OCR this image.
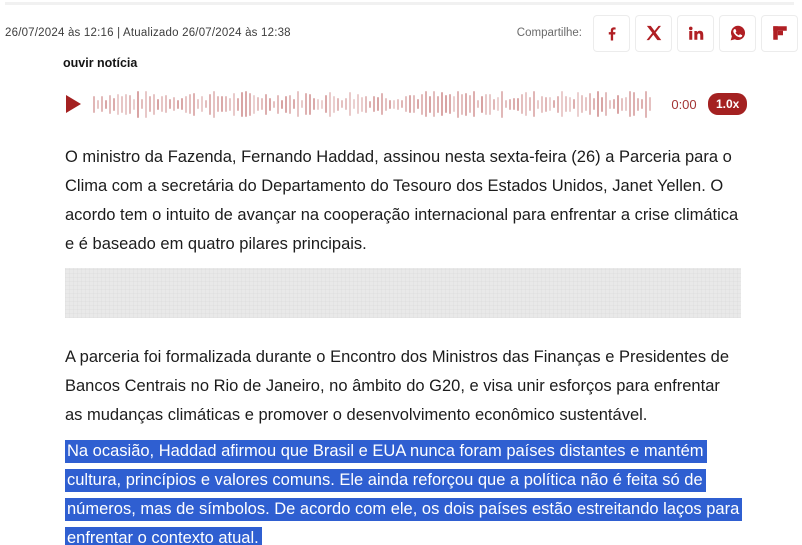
26/07/2024 às 12:16 | Atualizado 26/07/2024 às 12:38	Compartilhe:
ouvir notícia
0:00	1.0x

O ministro da Fazenda, Fernando Haddad, assinou nesta sexta-feira (26) a Parceria para o Clima com a secretária do Departamento do Tesouro dos Estados Unidos, Janet Yellen. O acordo tem o intuito de avançar na cooperação internacional para enfrentar a crise climática e é baseado em quatro pilares principais.

A parceria foi formalizada durante o Encontro dos Ministros das Finanças e Presidentes de Bancos Centrais no Rio de Janeiro, no âmbito do G20, e visa unir esforços para enfrentar as mudanças climáticas e promover o desenvolvimento econômico sustentável.

Na ocasião, Haddad afirmou que Brasil e EUA nunca foram países distantes e mantém cultura, princípios e valores comuns. Ele ainda reforçou que a política não é feita só de números, mas de símbolos. De acordo com ele, os dois países estão estreitando laços para enfrentar o contexto atual.
